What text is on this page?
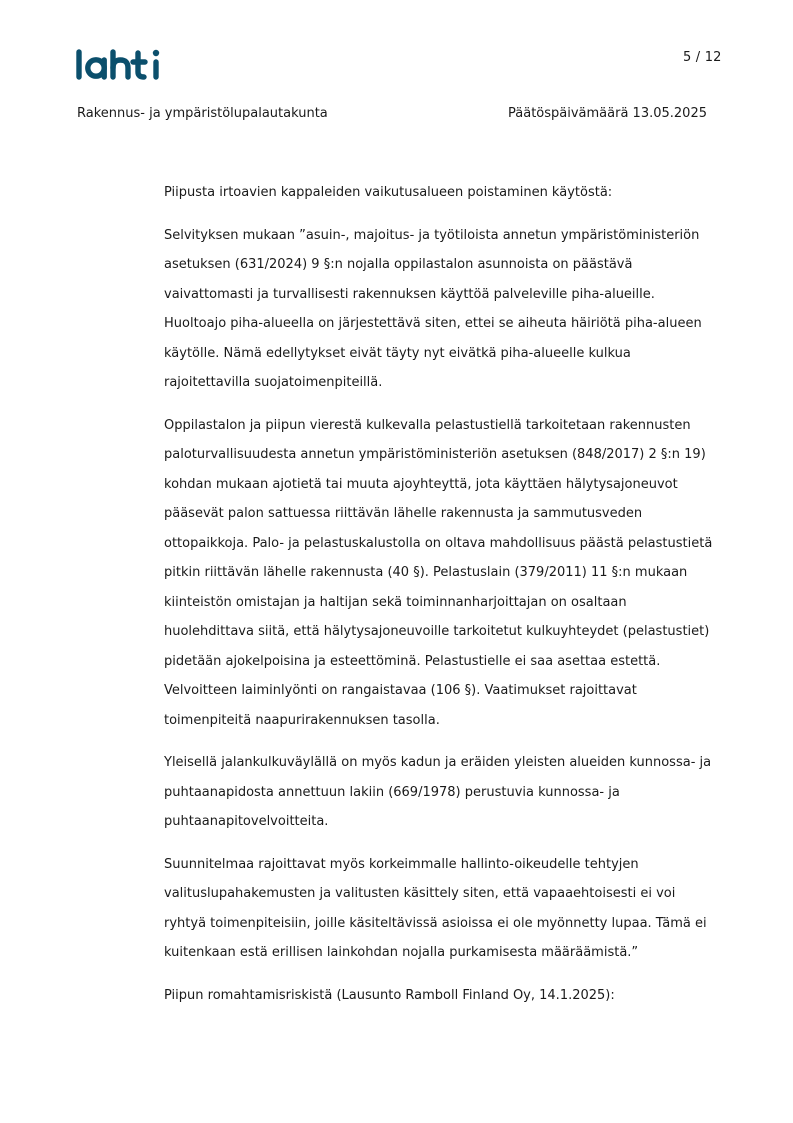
5 / 12
Rakennus- ja ympäristölupalautakunta	Päätöspäivämäärä 13.05.2025

Piipusta irtoavien kappaleiden vaikutusalueen poistaminen käytöstä:

Selvityksen mukaan ”asuin-, majoitus- ja työtiloista annetun ympäristöministeriön
asetuksen (631/2024) 9 §:n nojalla oppilastalon asunnoista on päästävä
vaivattomasti ja turvallisesti rakennuksen käyttöä palveleville piha-alueille.
Huoltoajo piha-alueella on järjestettävä siten, ettei se aiheuta häiriötä piha-alueen
käytölle. Nämä edellytykset eivät täyty nyt eivätkä piha-alueelle kulkua
rajoitettavilla suojatoimenpiteillä.

Oppilastalon ja piipun vierestä kulkevalla pelastustiellä tarkoitetaan rakennusten
paloturvallisuudesta annetun ympäristöministeriön asetuksen (848/2017) 2 §:n 19)
kohdan mukaan ajotietä tai muuta ajoyhteyttä, jota käyttäen hälytysajoneuvot
pääsevät palon sattuessa riittävän lähelle rakennusta ja sammutusveden
ottopaikkoja. Palo- ja pelastuskalustolla on oltava mahdollisuus päästä pelastustietä
pitkin riittävän lähelle rakennusta (40 §). Pelastuslain (379/2011) 11 §:n mukaan
kiinteistön omistajan ja haltijan sekä toiminnanharjoittajan on osaltaan
huolehdittava siitä, että hälytysajoneuvoille tarkoitetut kulkuyhteydet (pelastustiet)
pidetään ajokelpoisina ja esteettöminä. Pelastustielle ei saa asettaa estettä.
Velvoitteen laiminlyönti on rangaistavaa (106 §). Vaatimukset rajoittavat
toimenpiteitä naapurirakennuksen tasolla.

Yleisellä jalankulkuväylällä on myös kadun ja eräiden yleisten alueiden kunnossa- ja
puhtaanapidosta annettuun lakiin (669/1978) perustuvia kunnossa- ja
puhtaanapitovelvoitteita.

Suunnitelmaa rajoittavat myös korkeimmalle hallinto-oikeudelle tehtyjen
valituslupahakemusten ja valitusten käsittely siten, että vapaaehtoisesti ei voi
ryhtyä toimenpiteisiin, joille käsiteltävissä asioissa ei ole myönnetty lupaa. Tämä ei
kuitenkaan estä erillisen lainkohdan nojalla purkamisesta määräämistä.”

Piipun romahtamisriskistä (Lausunto Ramboll Finland Oy, 14.1.2025):
